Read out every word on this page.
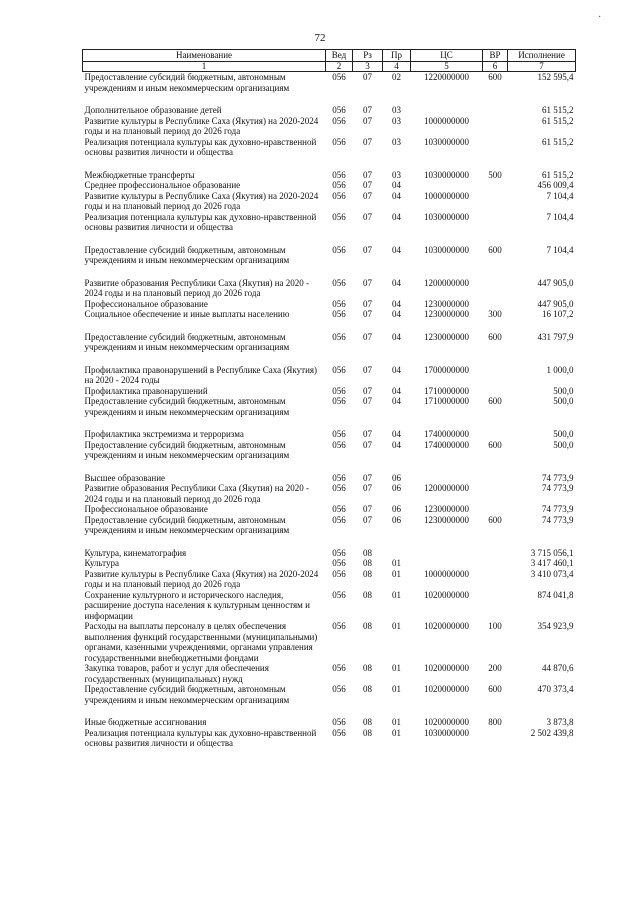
·
72
Наименование	Вед	Рз	Пр	ЦС	ВР	Исполнение
1	2	3	4	5	6	7
Предоставление субсидий бюджетным, автономным учреждениям и иным некоммерческим организациям	056	07	02	1220000000	600	152 595,4

Дополнительное образование детей	056	07	03			61 515,2
Развитие культуры в Республике Саха (Якутия) на 2020-2024 годы и на плановый период до 2026 года	056	07	03	1000000000		61 515,2
Реализация потенциала культуры как духовно-нравственной основы развития личности и общества	056	07	03	1030000000		61 515,2

Межбюджетные трансферты	056	07	03	1030000000	500	61 515,2
Среднее профессиональное образование	056	07	04			456 009,4
Развитие культуры в Республике Саха (Якутия) на 2020-2024 годы и на плановый период до 2026 года	056	07	04	1000000000		7 104,4
Реализация потенциала культуры как духовно-нравственной основы развития личности и общества	056	07	04	1030000000		7 104,4

Предоставление субсидий бюджетным, автономным учреждениям и иным некоммерческим организациям	056	07	04	1030000000	600	7 104,4

Развитие образования Республики Саха (Якутия) на 2020 - 2024 годы и на плановый период до 2026 года	056	07	04	1200000000		447 905,0
Профессиональное образование	056	07	04	1230000000		447 905,0
Социальное обеспечение и иные выплаты населению	056	07	04	1230000000	300	16 107,2

Предоставление субсидий бюджетным, автономным учреждениям и иным некоммерческим организациям	056	07	04	1230000000	600	431 797,9

Профилактика правонарушений в Республике Саха (Якутия) на 2020 - 2024 годы	056	07	04	1700000000		1 000,0
Профилактика правонарушений	056	07	04	1710000000		500,0
Предоставление субсидий бюджетным, автономным учреждениям и иным некоммерческим организациям	056	07	04	1710000000	600	500,0

Профилактика экстремизма и терроризма	056	07	04	1740000000		500,0
Предоставление субсидий бюджетным, автономным учреждениям и иным некоммерческим организациям	056	07	04	1740000000	600	500,0

Высшее образование	056	07	06			74 773,9
Развитие образования Республики Саха (Якутия) на 2020 - 2024 годы и на плановый период до 2026 года	056	07	06	1200000000		74 773,9
Профессиональное образование	056	07	06	1230000000		74 773,9
Предоставление субсидий бюджетным, автономным учреждениям и иным некоммерческим организациям	056	07	06	1230000000	600	74 773,9

Культура, кинематография	056	08				3 715 056,1
Культура	056	08	01			3 417 460,1
Развитие культуры в Республике Саха (Якутия) на 2020-2024 годы и на плановый период до 2026 года	056	08	01	1000000000		3 410 073,4
Сохранение культурного и исторического наследия, расширение доступа населения к культурным ценностям и информации	056	08	01	1020000000		874 041,8
Расходы на выплаты персоналу в целях обеспечения выполнения функций государственными (муниципальными) органами, казенными учреждениями, органами управления государственными внебюджетными фондами	056	08	01	1020000000	100	354 923,9
Закупка товаров, работ и услуг для обеспечения государственных (муниципальных) нужд	056	08	01	1020000000	200	44 870,6
Предоставление субсидий бюджетным, автономным учреждениям и иным некоммерческим организациям	056	08	01	1020000000	600	470 373,4

Иные бюджетные ассигнования	056	08	01	1020000000	800	3 873,8
Реализация потенциала культуры как духовно-нравственной основы развития личности и общества	056	08	01	1030000000		2 502 439,8
